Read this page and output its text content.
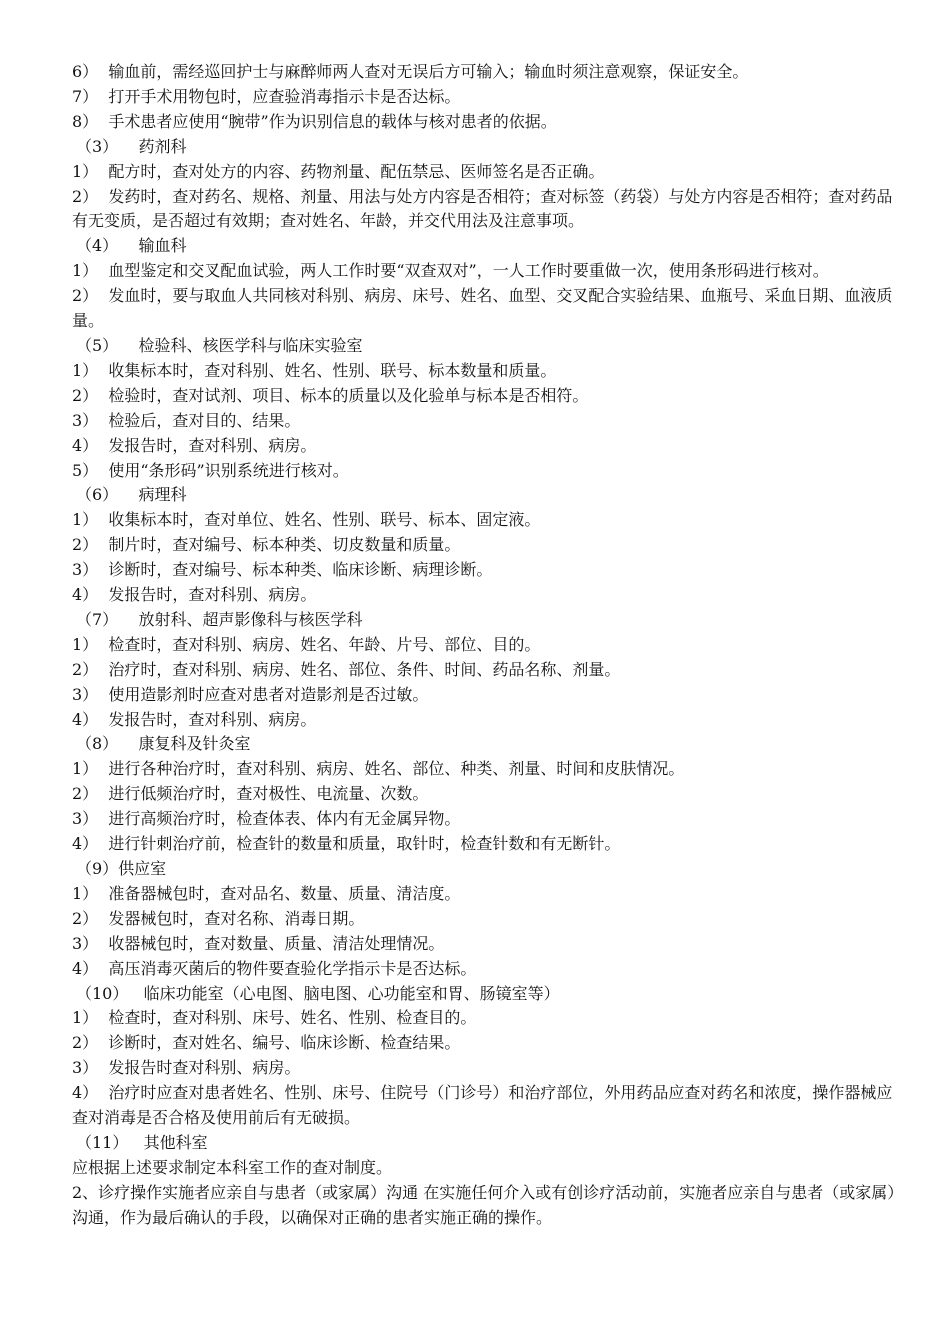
6）  输血前，需经巡回护士与麻醉师两人查对无误后方可输入；输血时须注意观察，保证安全。

7）  打开手术用物包时，应查验消毒指示卡是否达标。

8）  手术患者应使用“腕带”作为识别信息的载体与核对患者的依据。

（3）    药剂科

1）  配方时，查对处方的内容、药物剂量、配伍禁忌、医师签名是否正确。

2）  发药时，查对药名、规格、剂量、用法与处方内容是否相符；查对标签（药袋）与处方内容是否相符；查对药品有无变质，是否超过有效期；查对姓名、年龄，并交代用法及注意事项。

（4）    输血科

1）  血型鉴定和交叉配血试验，两人工作时要“双查双对”，一人工作时要重做一次，使用条形码进行核对。

2）  发血时，要与取血人共同核对科别、病房、床号、姓名、血型、交叉配合实验结果、血瓶号、采血日期、血液质量。

（5）    检验科、核医学科与临床实验室

1）  收集标本时，查对科别、姓名、性别、联号、标本数量和质量。

2）  检验时，查对试剂、项目、标本的质量以及化验单与标本是否相符。

3）  检验后，查对目的、结果。

4）  发报告时，查对科别、病房。

5）  使用“条形码”识别系统进行核对。

（6）    病理科

1）  收集标本时，查对单位、姓名、性别、联号、标本、固定液。

2）  制片时，查对编号、标本种类、切皮数量和质量。

3）  诊断时，查对编号、标本种类、临床诊断、病理诊断。

4）  发报告时，查对科别、病房。

（7）    放射科、超声影像科与核医学科

1）  检查时，查对科别、病房、姓名、年龄、片号、部位、目的。

2）  治疗时，查对科别、病房、姓名、部位、条件、时间、药品名称、剂量。

3）  使用造影剂时应查对患者对造影剂是否过敏。

4）  发报告时，查对科别、病房。

（8）    康复科及针灸室

1）  进行各种治疗时，查对科别、病房、姓名、部位、种类、剂量、时间和皮肤情况。

2）  进行低频治疗时，查对极性、电流量、次数。

3）  进行高频治疗时，检查体表、体内有无金属异物。

4）  进行针刺治疗前，检查针的数量和质量，取针时，检查针数和有无断针。

（9）供应室

1）  准备器械包时，查对品名、数量、质量、清洁度。

2）  发器械包时，查对名称、消毒日期。

3）  收器械包时，查对数量、质量、清洁处理情况。

4）  高压消毒灭菌后的物件要查验化学指示卡是否达标。

（10）   临床功能室（心电图、脑电图、心功能室和胃、肠镜室等）

1）  检查时，查对科别、床号、姓名、性别、检查目的。

2）  诊断时，查对姓名、编号、临床诊断、检查结果。

3）  发报告时查对科别、病房。

4）  治疗时应查对患者姓名、性别、床号、住院号（门诊号）和治疗部位，外用药品应查对药名和浓度，操作器械应查对消毒是否合格及使用前后有无破损。

（11）   其他科室

应根据上述要求制定本科室工作的查对制度。

2、诊疗操作实施者应亲自与患者（或家属）沟通 在实施任何介入或有创诊疗活动前，实施者应亲自与患者（或家属）沟通，作为最后确认的手段，以确保对正确的患者实施正确的操作。
